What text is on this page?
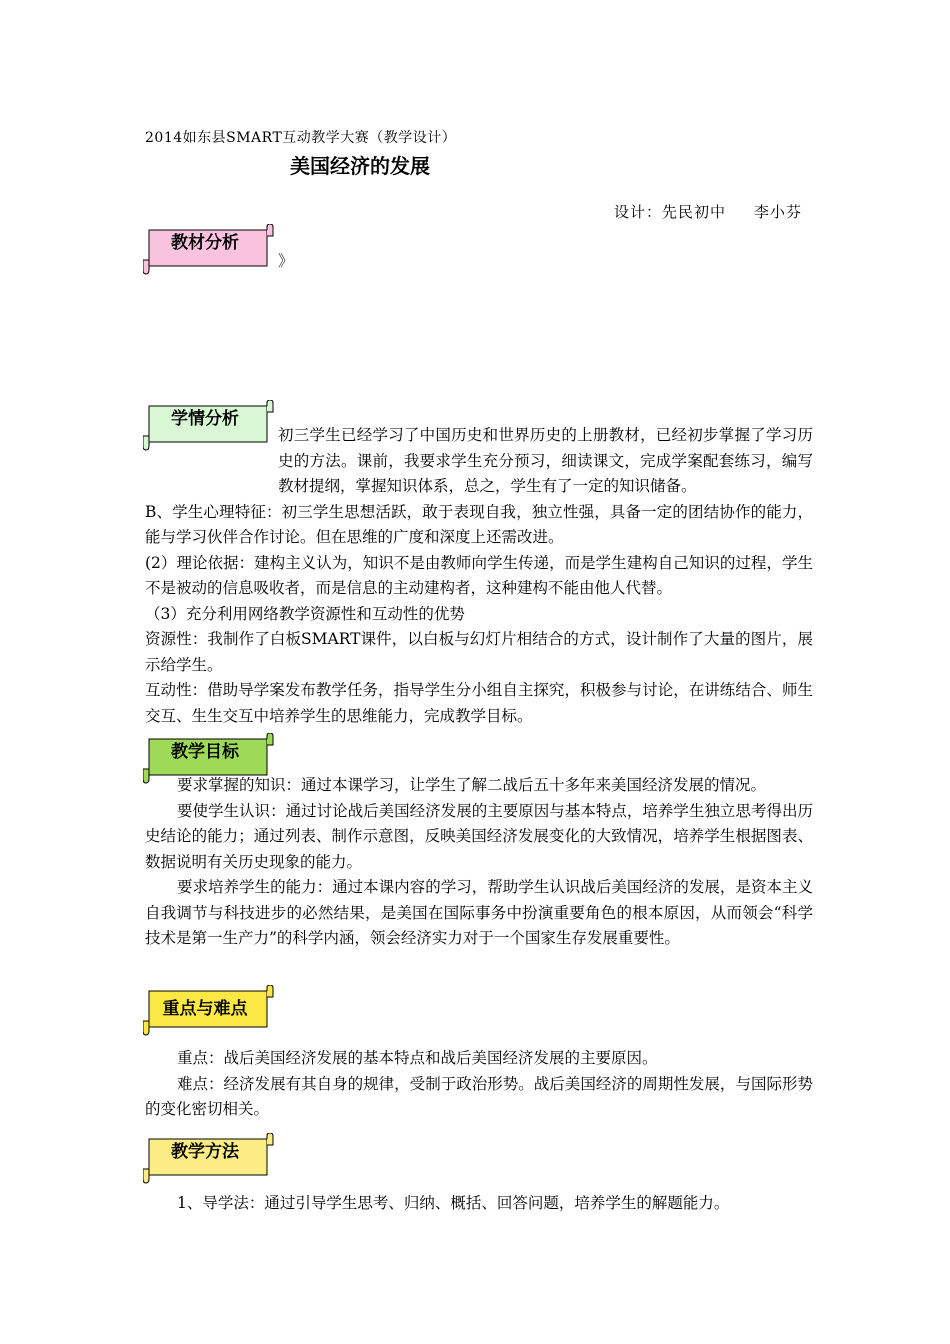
2014如东县SMART互动教学大赛（教学设计）
美国经济的发展
设计：先民初中 李小芬
教材分析

》

学情分析

初三学生已经学习了中国历史和世界历史的上册教材，已经初步掌握了学习历史的方法。课前，我要求学生充分预习，细读课文，完成学案配套练习，编写教材提纲，掌握知识体系，总之，学生有了一定的知识储备。

B、学生心理特征：初三学生思想活跃，敢于表现自我，独立性强，具备一定的团结协作的能力，能与学习伙伴合作讨论。但在思维的广度和深度上还需改进。

(2）理论依据：建构主义认为，知识不是由教师向学生传递，而是学生建构自己知识的过程，学生不是被动的信息吸收者，而是信息的主动建构者，这种建构不能由他人代替。

（3）充分利用网络教学资源性和互动性的优势

资源性：我制作了白板SMART课件，以白板与幻灯片相结合的方式，设计制作了大量的图片，展示给学生。

互动性：借助导学案发布教学任务，指导学生分小组自主探究，积极参与讨论，在讲练结合、师生交互、生生交互中培养学生的思维能力，完成教学目标。

教学目标

要求掌握的知识：通过本课学习，让学生了解二战后五十多年来美国经济发展的情况。

要使学生认识：通过讨论战后美国经济发展的主要原因与基本特点，培养学生独立思考得出历史结论的能力；通过列表、制作示意图，反映美国经济发展变化的大致情况，培养学生根据图表、数据说明有关历史现象的能力。

要求培养学生的能力：通过本课内容的学习，帮助学生认识战后美国经济的发展，是资本主义自我调节与科技进步的必然结果，是美国在国际事务中扮演重要角色的根本原因，从而领会“科学技术是第一生产力”的科学内涵，领会经济实力对于一个国家生存发展重要性。

重点与难点

重点：战后美国经济发展的基本特点和战后美国经济发展的主要原因。

难点：经济发展有其自身的规律，受制于政治形势。战后美国经济的周期性发展，与国际形势的变化密切相关。

教学方法

1、导学法：通过引导学生思考、归纳、概括、回答问题，培养学生的解题能力。
